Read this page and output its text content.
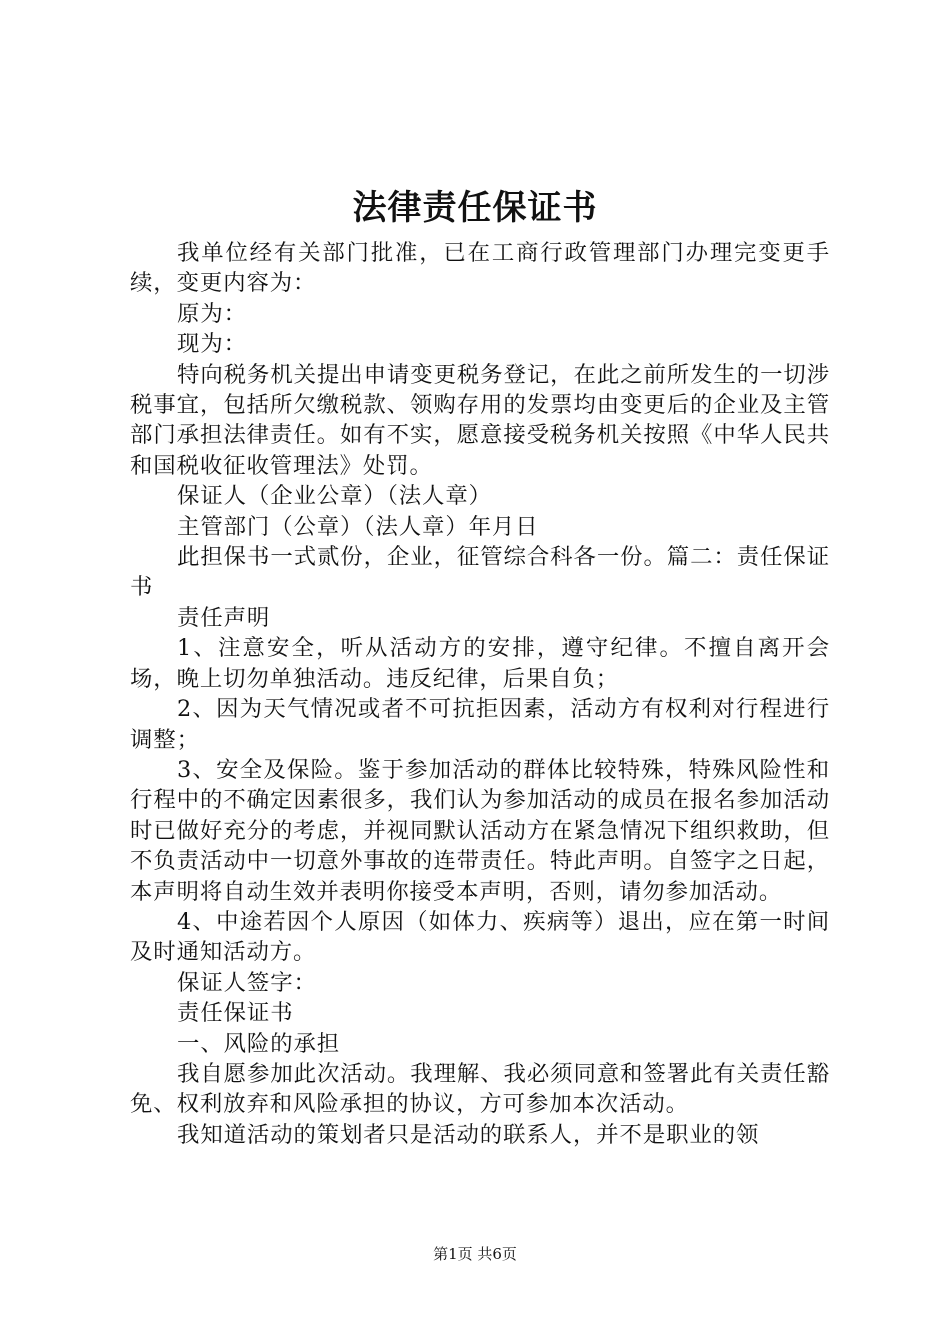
法律责任保证书

我单位经有关部门批准，已在工商行政管理部门办理完变更手续，变更内容为：

原为：

现为：

特向税务机关提出申请变更税务登记，在此之前所发生的一切涉税事宜，包括所欠缴税款、领购存用的发票均由变更后的企业及主管部门承担法律责任。如有不实，愿意接受税务机关按照《中华人民共和国税收征收管理法》处罚。

保证人（企业公章）（法人章）

主管部门（公章）（法人章）年月日

此担保书一式贰份，企业，征管综合科各一份。篇二：责任保证书

责任声明

1、注意安全，听从活动方的安排，遵守纪律。不擅自离开会场，晚上切勿单独活动。违反纪律，后果自负；

2、因为天气情况或者不可抗拒因素，活动方有权利对行程进行调整；

3、安全及保险。鉴于参加活动的群体比较特殊，特殊风险性和行程中的不确定因素很多，我们认为参加活动的成员在报名参加活动时已做好充分的考虑，并视同默认活动方在紧急情况下组织救助，但不负责活动中一切意外事故的连带责任。特此声明。自签字之日起，本声明将自动生效并表明你接受本声明，否则，请勿参加活动。

4、中途若因个人原因（如体力、疾病等）退出，应在第一时间及时通知活动方。

保证人签字：

责任保证书

一、风险的承担

我自愿参加此次活动。我理解、我必须同意和签署此有关责任豁免、权利放弃和风险承担的协议，方可参加本次活动。

我知道活动的策划者只是活动的联系人，并不是职业的领

第1页 共6页
